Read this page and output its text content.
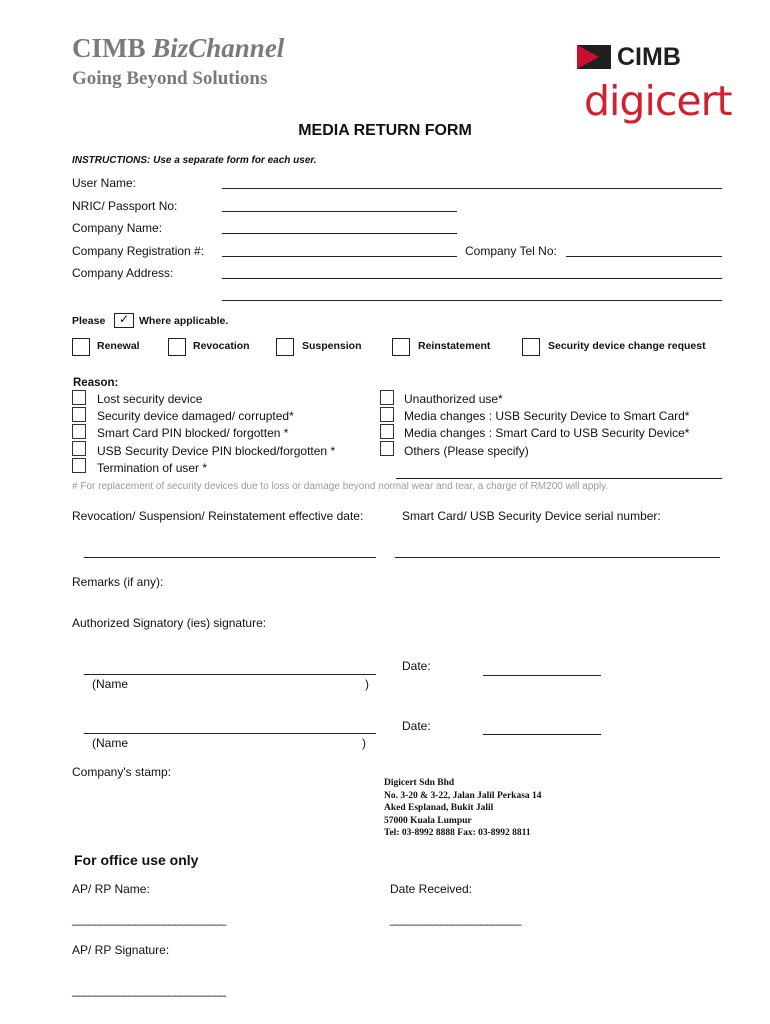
CIMB BizChannel
Going Beyond Solutions
CIMB
digicert
MEDIA RETURN FORM
INSTRUCTIONS: Use a separate form for each user.
User Name:
NRIC/ Passport No:
Company Name:
Company Registration #:	Company Tel No:
Company Address:
Please ✓ Where applicable.
Renewal	Revocation	Suspension	Reinstatement	Security device change request
Reason:
Lost security device
Security device damaged/ corrupted*
Smart Card PIN blocked/ forgotten *
USB Security Device PIN blocked/forgotten *
Termination of user *
Unauthorized use*
Media changes : USB Security Device to Smart Card*
Media changes : Smart Card to USB Security Device*
Others (Please specify)
# For replacement of security devices due to loss or damage beyond normal wear and tear, a charge of RM200 will apply.
Revocation/ Suspension/ Reinstatement effective date:	Smart Card/ USB Security Device serial number:
Remarks (if any):
Authorized Signatory (ies) signature:
(Name	)
Date:
(Name	)
Date:
Company's stamp:
Digicert Sdn Bhd
No. 3-20 & 3-22, Jalan Jalil Perkasa 14
Aked Esplanad, Bukit Jalil
57000 Kuala Lumpur
Tel: 03-8992 8888 Fax: 03-8992 8811
For office use only
AP/ RP Name:	Date Received:
___________________________	_______________________
AP/ RP Signature:
___________________________
